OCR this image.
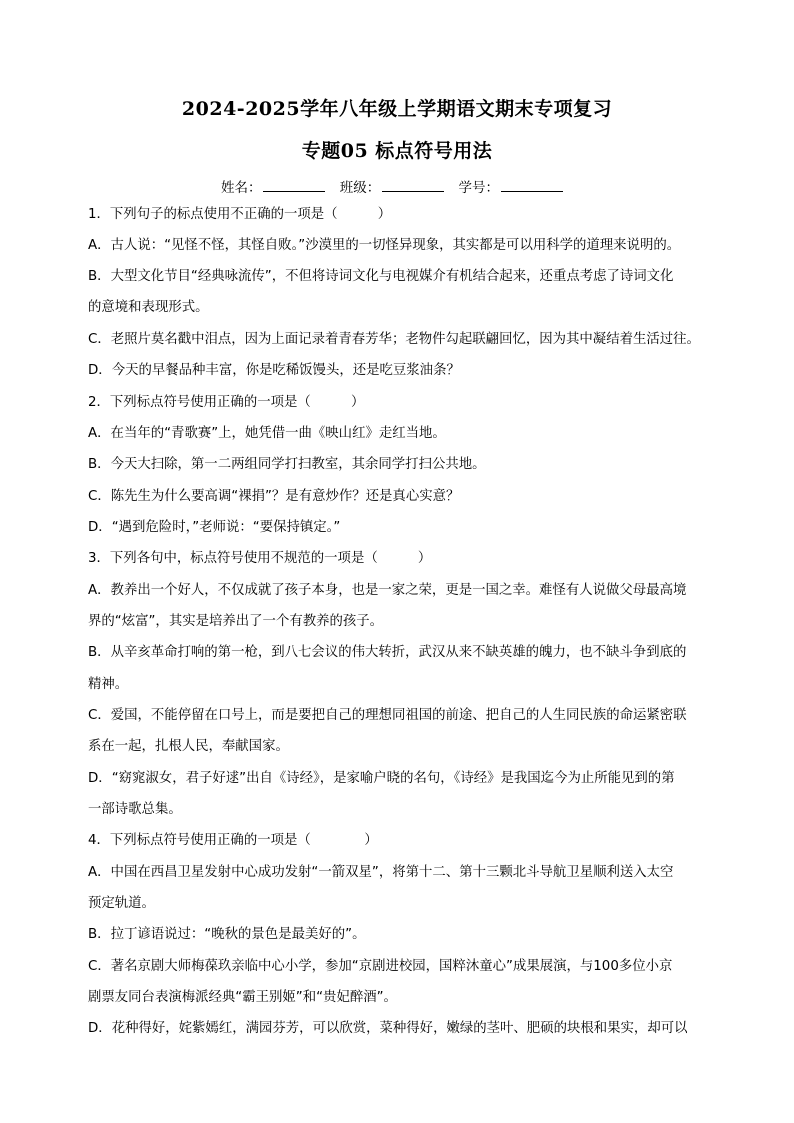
2024-2025学年八年级上学期语文期末专项复习
专题05 标点符号用法
姓名：	班级：	学号：
1．下列句子的标点使用不正确的一项是（　　　）
A．古人说：“见怪不怪，其怪自败。”沙漠里的一切怪异现象，其实都是可以用科学的道理来说明的。
B．大型文化节目“经典咏流传”，不但将诗词文化与电视媒介有机结合起来，还重点考虑了诗词文化
的意境和表现形式。
C．老照片莫名戳中泪点，因为上面记录着青春芳华；老物件勾起联翩回忆，因为其中凝结着生活过往。
D．今天的早餐品种丰富，你是吃稀饭馒头，还是吃豆浆油条？
2．下列标点符号使用正确的一项是（　　　）
A．在当年的“青歌赛”上，她凭借一曲《映山红》走红当地。
B．今天大扫除，第一二两组同学打扫教室，其余同学打扫公共地。
C．陈先生为什么要高调“裸捐”？是有意炒作？还是真心实意？
D．“遇到危险时，”老师说：“要保持镇定。”
3．下列各句中，标点符号使用不规范的一项是（　　　）
A．教养出一个好人，不仅成就了孩子本身，也是一家之荣，更是一国之幸。难怪有人说做父母最高境
界的“炫富”，其实是培养出了一个有教养的孩子。
B．从辛亥革命打响的第一枪，到八七会议的伟大转折，武汉从来不缺英雄的魄力，也不缺斗争到底的
精神。
C．爱国，不能停留在口号上，而是要把自己的理想同祖国的前途、把自己的人生同民族的命运紧密联
系在一起，扎根人民，奉献国家。
D．“窈窕淑女，君子好逑”出自《诗经》，是家喻户晓的名句，《诗经》是我国迄今为止所能见到的第
一部诗歌总集。
4．下列标点符号使用正确的一项是（　　　　）
A．中国在西昌卫星发射中心成功发射“一箭双星”，将第十二、第十三颗北斗导航卫星顺利送入太空
预定轨道。
B．拉丁谚语说过：“晚秋的景色是最美好的”。
C．著名京剧大师梅葆玖亲临中心小学，参加“京剧进校园，国粹沐童心”成果展演，与100多位小京
剧票友同台表演梅派经典“霸王别姬”和“贵妃醉酒”。
D．花种得好，姹紫嫣红，满园芬芳，可以欣赏，菜种得好，嫩绿的茎叶、肥硕的块根和果实，却可以
